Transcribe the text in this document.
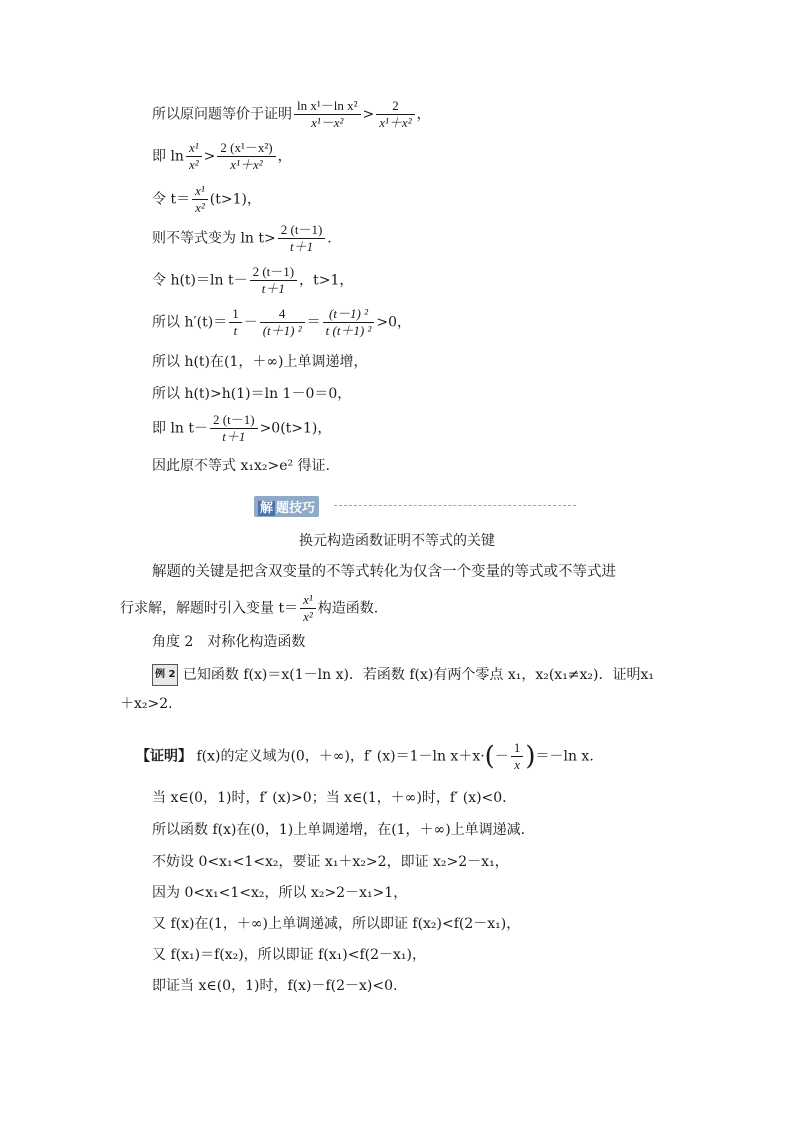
所以原问题等价于证明 $\frac{\text{ln x¹－ln x²}}{\text{x¹－x²}} > \frac{2}{\text{x¹＋x²}}$ ，
即 $\ln \frac{\text{x¹}}{\text{x²}} > \frac{\text{2 (x¹－x²)}}{\text{x¹＋x²}}$ ，
令 $t= \frac{\text{x¹}}{\text{x²}} (t>1)$，
则不等式变为 $\ln t> \frac{2 (t-1)}{t+1}$ .
令 h(t)＝ln $t- \frac{2 (t-1)}{t+1}$ ，t>1，
所以 $h'(t)= \frac{1}{t} - \frac{4}{\text{(t＋1) ²}} = \frac{\text{(t－1) ²}}{\text{t (t＋1) ²}} >0$，
所以 h(t)在(1，＋∞)上单调递增，
所以 h(t)>h(1)＝ln 1－0＝0，
即 $\ln t- \frac{2 (t-1)}{t+1} >0(t>1)$，
因此原不等式 x₁x₂>e² 得证.
解 题技巧
换元构造函数证明不等式的关键
解题的关键是把含双变量的不等式转化为仅含一个变量的等式或不等式进
行求解，解题时引入变量 $t= \frac{\text{x¹}}{\text{x²}}$ 构造函数.
角度 2　对称化构造函数
例 2 已知函数 f(x)＝x(1－ln x)．若函数 f(x)有两个零点 x₁，x₂(x₁≠x₂)．证明x₁
＋x₂>2.
【证明】 f(x)的定义域为(0，＋∞)，f′ (x)＝1－ln $x+x\cdot(- \frac{1}{x} )=-\ln$ x.
当 x∈(0，1)时，f′ (x)>0；当 x∈(1，＋∞)时，f′ (x)<0.
所以函数 f(x)在(0，1)上单调递增，在(1，＋∞)上单调递减.
不妨设 0<x₁<1<x₂，要证 x₁＋x₂>2，即证 x₂>2－x₁，
因为 0<x₁<1<x₂，所以 x₂>2－x₁>1，
又 f(x)在(1，＋∞)上单调递减，所以即证 f(x₂)<f(2－x₁)，
又 f(x₁)＝f(x₂)，所以即证 f(x₁)<f(2－x₁)，
即证当 x∈(0，1)时，f(x)－f(2－x)<0.
